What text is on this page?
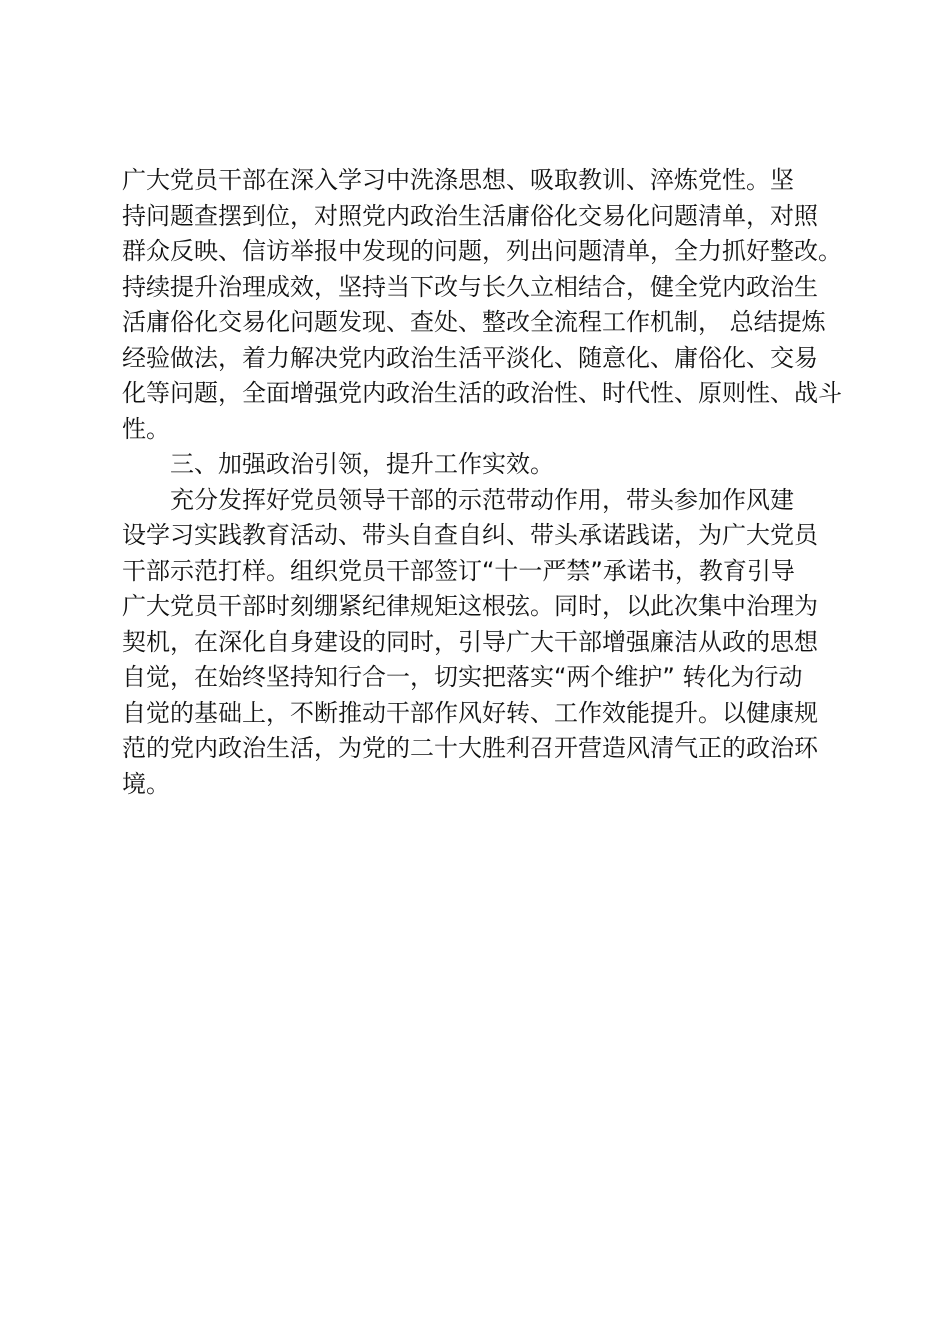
广大党员干部在深入学习中洗涤思想、吸取教训、淬炼党性。坚
持问题查摆到位，对照党内政治生活庸俗化交易化问题清单，对照
群众反映、信访举报中发现的问题，列出问题清单，全力抓好整改。
持续提升治理成效，坚持当下改与长久立相结合，健全党内政治生
活庸俗化交易化问题发现、查处、整改全流程工作机制， 总结提炼
经验做法，着力解决党内政治生活平淡化、随意化、庸俗化、交易
化等问题，全面增强党内政治生活的政治性、时代性、原则性、战斗
性。
三、加强政治引领，提升工作实效。
充分发挥好党员领导干部的示范带动作用，带头参加作风建
设学习实践教育活动、带头自查自纠、带头承诺践诺，为广大党员
干部示范打样。组织党员干部签订“十一严禁”承诺书，教育引导
广大党员干部时刻绷紧纪律规矩这根弦。同时，以此次集中治理为
契机，在深化自身建设的同时，引导广大干部增强廉洁从政的思想
自觉，在始终坚持知行合一，切实把落实“两个维护” 转化为行动
自觉的基础上，不断推动干部作风好转、工作效能提升。以健康规
范的党内政治生活，为党的二十大胜利召开营造风清气正的政治环
境。
